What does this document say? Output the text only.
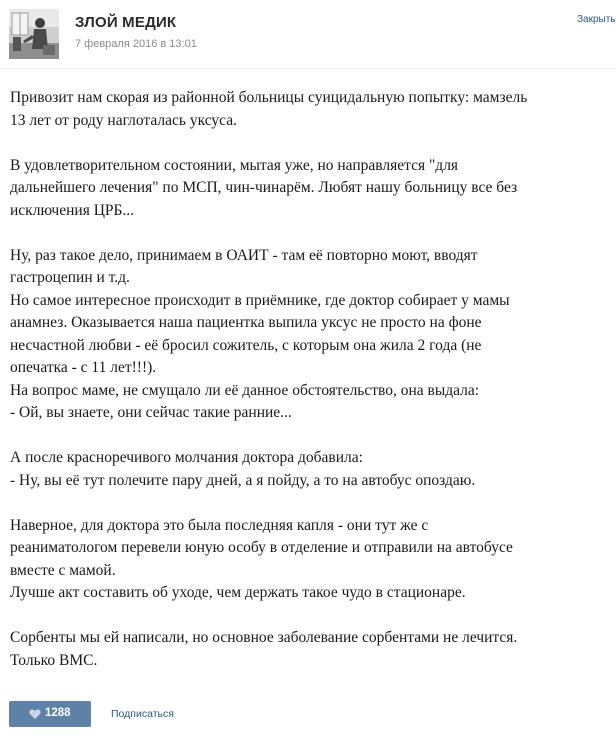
ЗЛОЙ МЕДИК
7 февраля 2016 в 13:01
Закрыть

Привозит нам скорая из районной больницы суицидальную попытку: мамзель
13 лет от роду наглоталась уксуса.

В удовлетворительном состоянии, мытая уже, но направляется "для
дальнейшего лечения" по МСП, чин-чинарём. Любят нашу больницу все без
исключения ЦРБ...

Ну, раз такое дело, принимаем в ОАИТ - там её повторно моют, вводят
гастроцепин и т.д.
Но самое интересное происходит в приёмнике, где доктор собирает у мамы
анамнез. Оказывается наша пациентка выпила уксус не просто на фоне
несчастной любви - её бросил сожитель, с которым она жила 2 года (не
опечатка - с 11 лет!!!).
На вопрос маме, не смущало ли её данное обстоятельство, она выдала:
- Ой, вы знаете, они сейчас такие ранние...

А после красноречивого молчания доктора добавила:
- Ну, вы её тут полечите пару дней, а я пойду, а то на автобус опоздаю.

Наверное, для доктора это была последняя капля - они тут же с
реаниматологом перевели юную особу в отделение и отправили на автобусе
вместе с мамой.
Лучше акт составить об уходе, чем держать такое чудо в стационаре.

Сорбенты мы ей написали, но основное заболевание сорбентами не лечится.
Только ВМС.

1288	Подписаться
